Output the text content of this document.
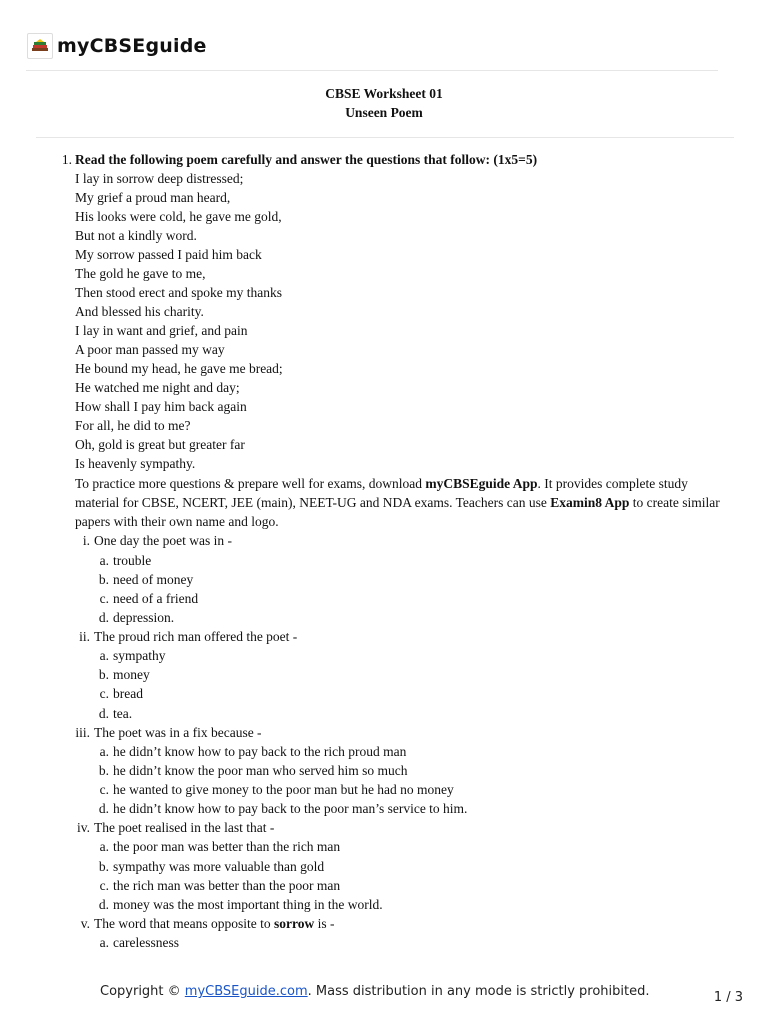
myCBSEguide
CBSE Worksheet 01
Unseen Poem
1. Read the following poem carefully and answer the questions that follow: (1x5=5)
I lay in sorrow deep distressed;
My grief a proud man heard,
His looks were cold, he gave me gold,
But not a kindly word.
My sorrow passed I paid him back
The gold he gave to me,
Then stood erect and spoke my thanks
And blessed his charity.
I lay in want and grief, and pain
A poor man passed my way
He bound my head, he gave me bread;
He watched me night and day;
How shall I pay him back again
For all, he did to me?
Oh, gold is great but greater far
Is heavenly sympathy.
To practice more questions & prepare well for exams, download myCBSEguide App. It provides complete study
material for CBSE, NCERT, JEE (main), NEET-UG and NDA exams. Teachers can use Examin8 App to create similar
papers with their own name and logo.
i. One day the poet was in -
a. trouble
b. need of money
c. need of a friend
d. depression.
ii. The proud rich man offered the poet -
a. sympathy
b. money
c. bread
d. tea.
iii. The poet was in a fix because -
a. he didn’t know how to pay back to the rich proud man
b. he didn’t know the poor man who served him so much
c. he wanted to give money to the poor man but he had no money
d. he didn’t know how to pay back to the poor man’s service to him.
iv. The poet realised in the last that -
a. the poor man was better than the rich man
b. sympathy was more valuable than gold
c. the rich man was better than the poor man
d. money was the most important thing in the world.
v. The word that means opposite to sorrow is -
a. carelessness
Copyright © myCBSEguide.com. Mass distribution in any mode is strictly prohibited.	1 / 3
